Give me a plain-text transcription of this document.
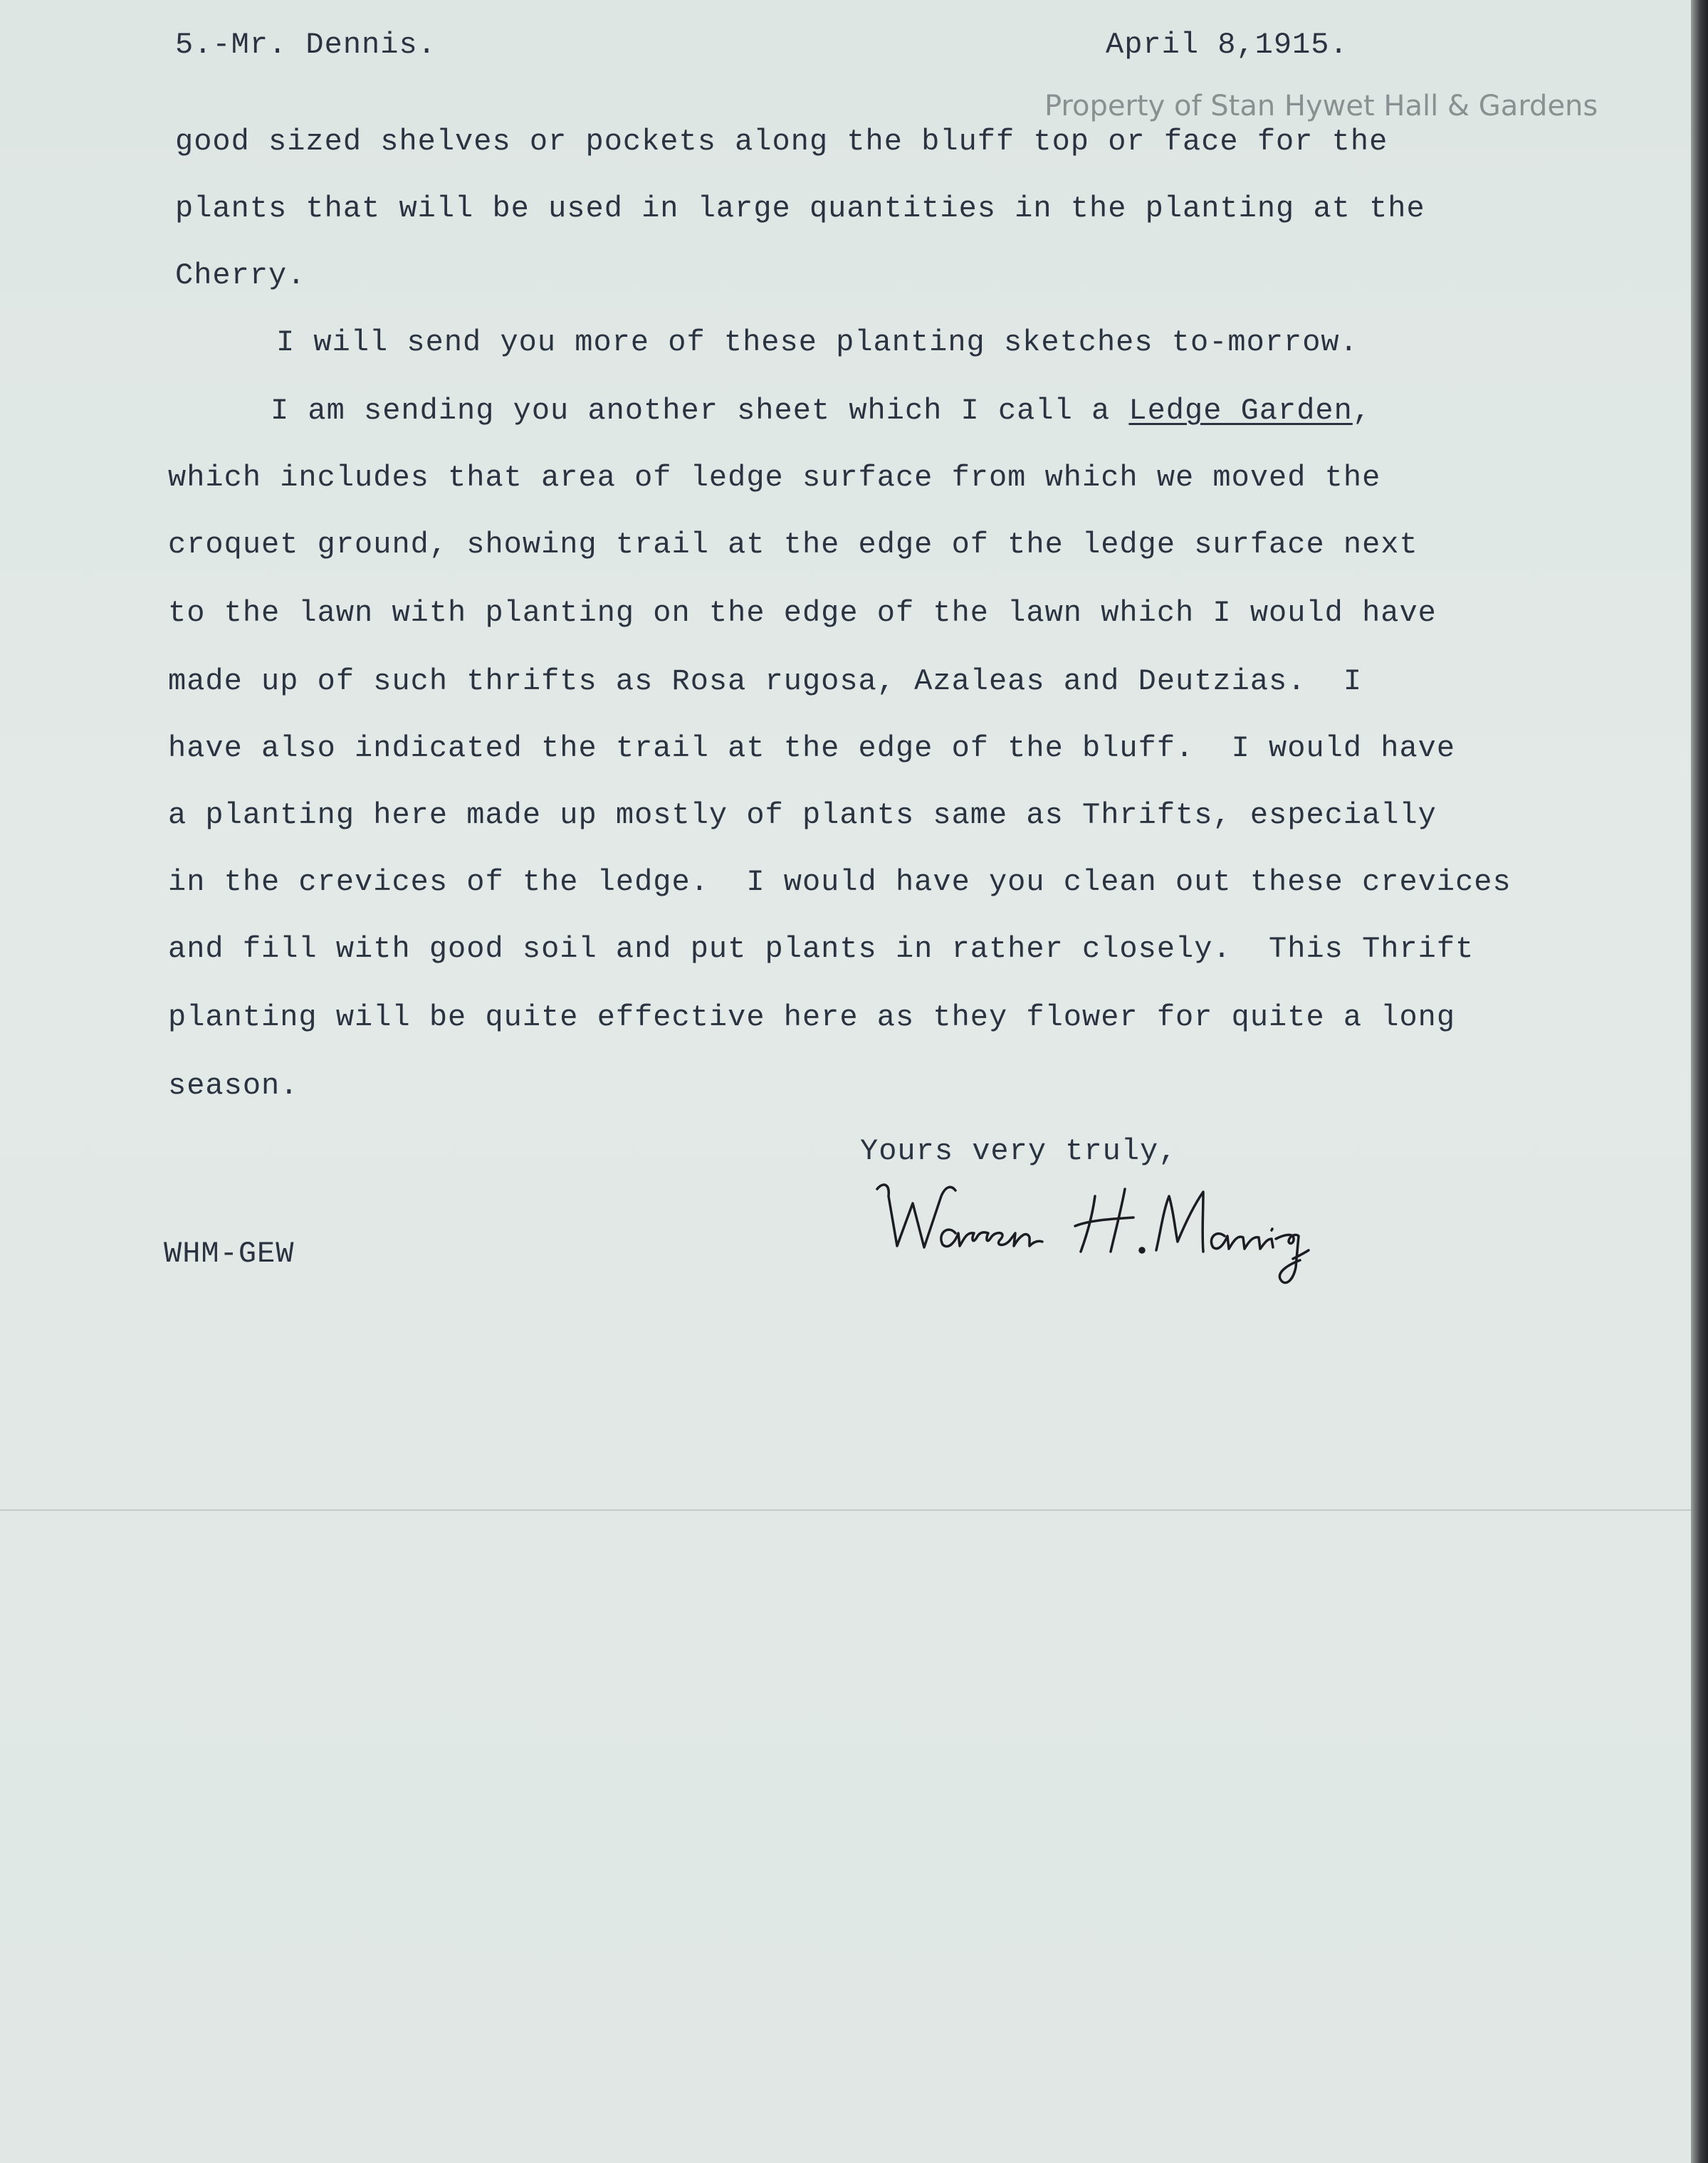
5.-Mr. Dennis.	April 8,1915.
Property of Stan Hywet Hall & Gardens
good sized shelves or pockets along the bluff top or face for the
plants that will be used in large quantities in the planting at the
Cherry.
I will send you more of these planting sketches to-morrow.
I am sending you another sheet which I call a Ledge Garden,
which includes that area of ledge surface from which we moved the
croquet ground, showing trail at the edge of the ledge surface next
to the lawn with planting on the edge of the lawn which I would have
made up of such thrifts as Rosa rugosa, Azaleas and Deutzias.  I
have also indicated the trail at the edge of the bluff.  I would have
a planting here made up mostly of plants same as Thrifts, especially
in the crevices of the ledge.  I would have you clean out these crevices
and fill with good soil and put plants in rather closely.  This Thrift
planting will be quite effective here as they flower for quite a long
season.
Yours very truly,
WHM-GEW
